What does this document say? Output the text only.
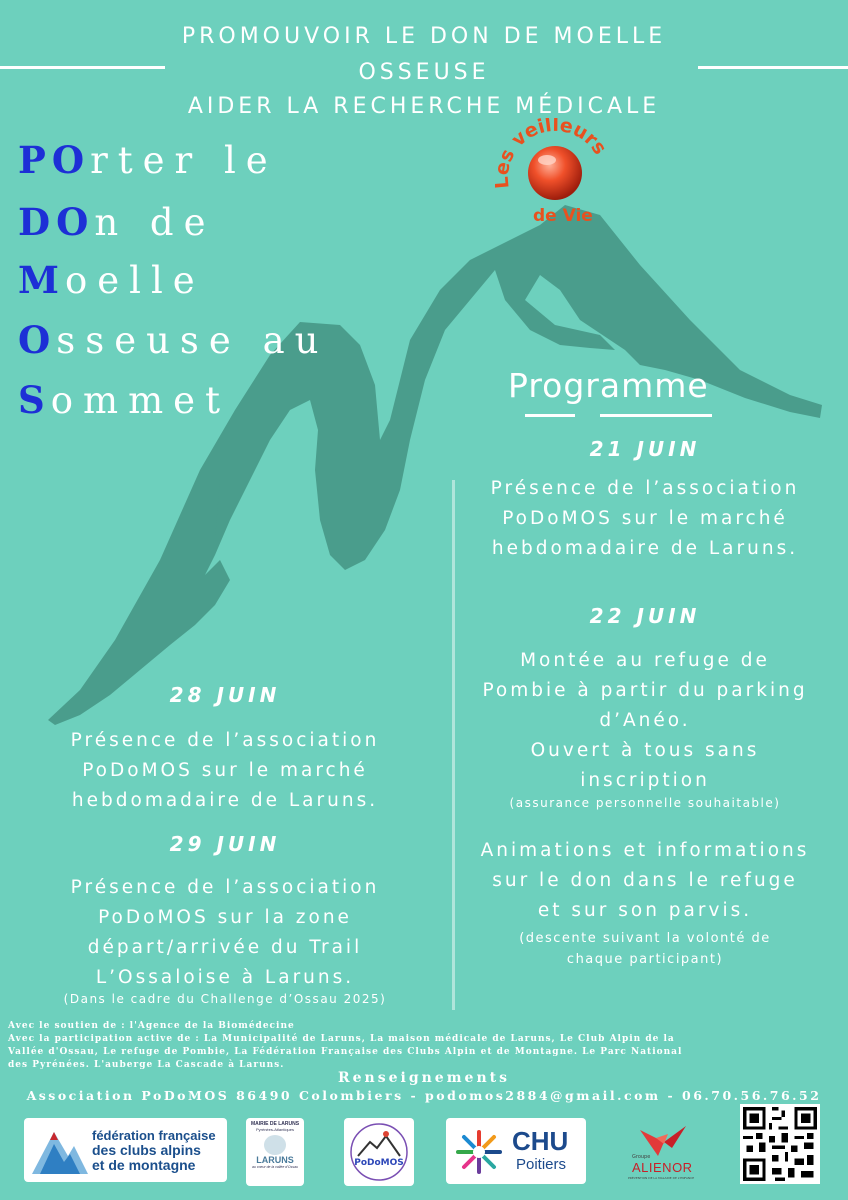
PROMOUVOIR LE DON DE MOELLE
OSSEUSE
AIDER LA RECHERCHE MÉDICALE
POrter le
DOn de
Moelle
Osseuse au
Sommet
s veilleurs
de Vie
Programme
21 JUIN
Présence de l’association
PoDoMOS sur le marché
hebdomadaire de Laruns.
22 JUIN
Montée au refuge de
Pombie à partir du parking
d’Anéo.
Ouvert à tous sans
inscription
(assurance personnelle souhaitable)
Animations et informations
sur le don dans le refuge
et sur son parvis.
(descente suivant la volonté de
chaque participant)
28 JUIN
Présence de l’association
PoDoMOS sur le marché
hebdomadaire de Laruns.
29 JUIN
Présence de l’association
PoDoMOS sur la zone
départ/arrivée du Trail
L’Ossaloise à Laruns.
(Dans le cadre du Challenge d’Ossau 2025)
Avec le soutien de : l'Agence de la Biomédecine
Avec la participation active de : La Municipalité de Laruns, La maison médicale de Laruns, Le Club Alpin de la
Vallée d'Ossau, Le refuge de Pombie, La Fédération Française des Clubs Alpin et de Montagne. Le Parc National
des Pyrénées. L'auberge La Cascade à Laruns.
Renseignements
Association PoDoMOS 86490 Colombiers - podomos2884@gmail.com - 06.70.56.76.52
fédération française
des clubs alpins
et de montagne
MAIRIE DE LARUNS
Pyrénées-Atlantiques
LARUNS
au coeur de la vallée d'Ossau	PoDoMOS
CHU
Poitiers	Groupe
ALIENOR
PRÉVENTION DE LA MALADIE DE L'ENFANCE
